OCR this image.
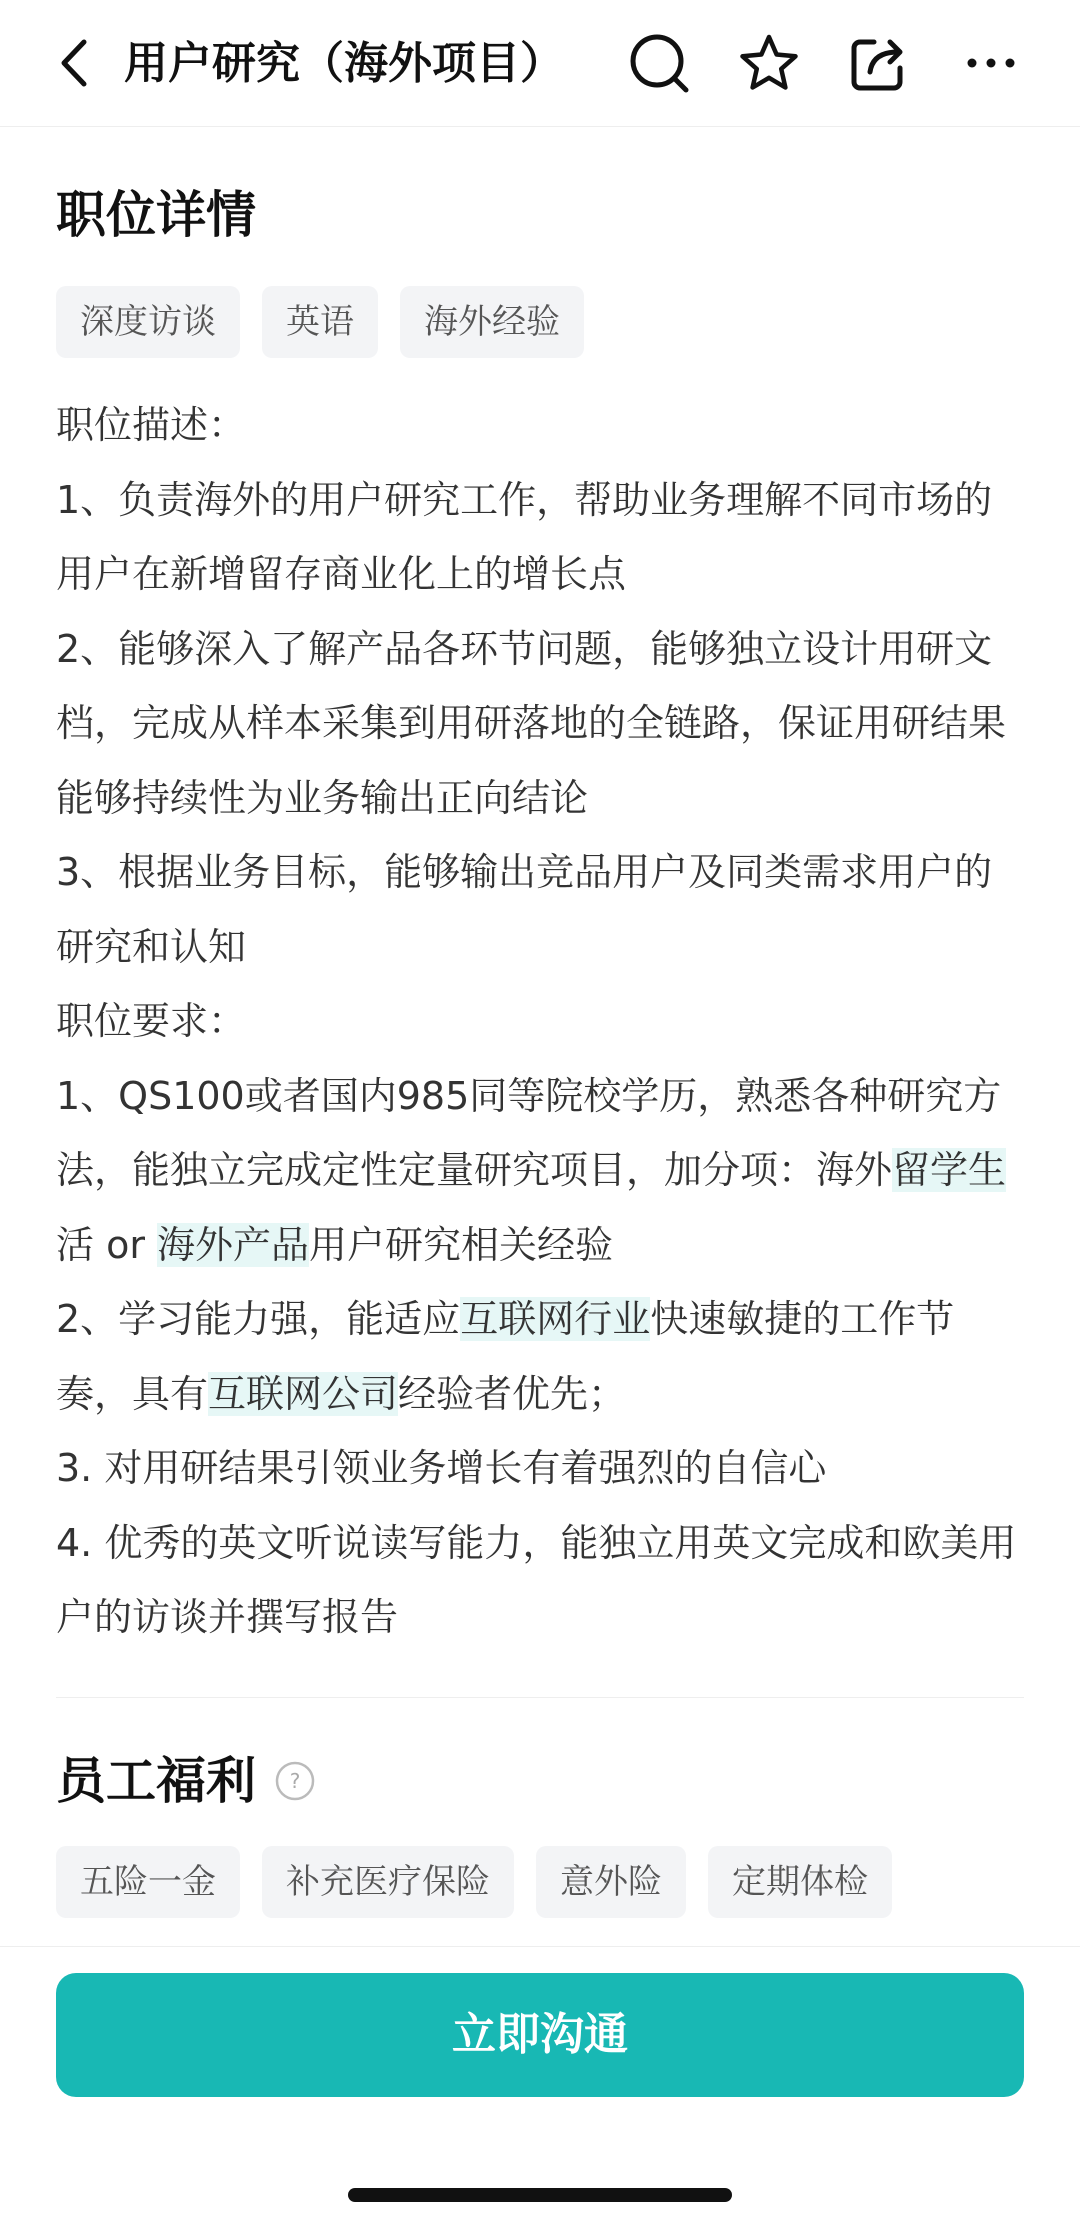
用户研究（海外项目）
职位详情
深度访谈	英语	海外经验

职位描述：

1、负责海外的用户研究工作，帮助业务理解不同市场的用户在新增留存商业化上的增长点

2、能够深入了解产品各环节问题，能够独立设计用研文档，完成从样本采集到用研落地的全链路，保证用研结果能够持续性为业务输出正向结论

3、根据业务目标，能够输出竞品用户及同类需求用户的研究和认知

职位要求：

1、QS100或者国内985同等院校学历，熟悉各种研究方法，能独立完成定性定量研究项目，加分项：海外留学生活 or 海外产品用户研究相关经验

2、学习能力强，能适应互联网行业快速敏捷的工作节奏，具有互联网公司经验者优先；

3. 对用研结果引领业务增长有着强烈的自信心

4. 优秀的英文听说读写能力，能独立用英文完成和欧美用户的访谈并撰写报告

员工福利 ?
五险一金	补充医疗保险	意外险	定期体检
立即沟通
